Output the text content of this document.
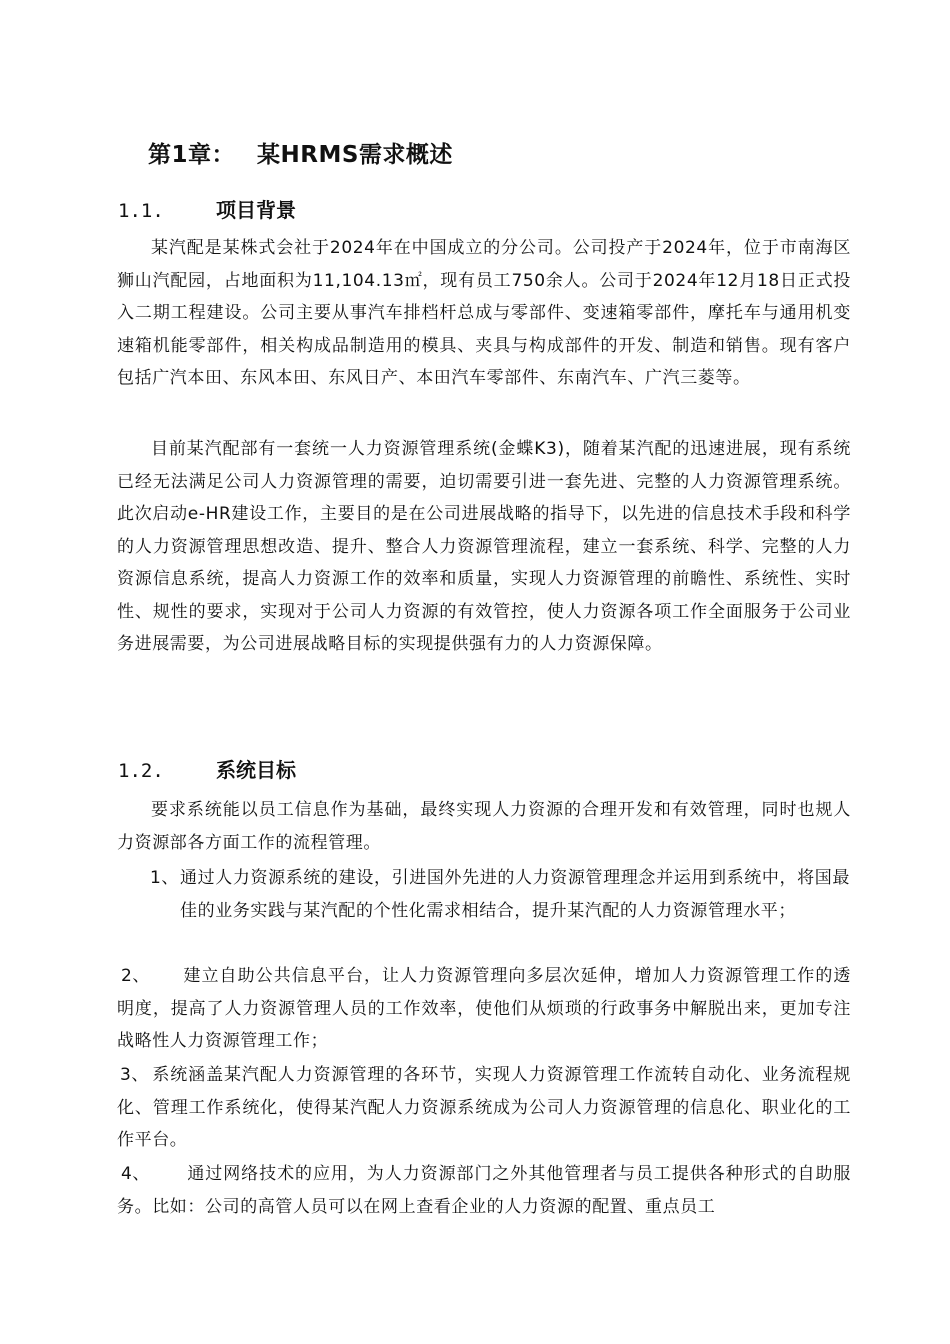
第1章： 某HRMS需求概述
1.1.	项目背景

某汽配是某株式会社于2024年在中国成立的分公司。公司投产于2024年，位于市南海区狮山汽配园，占地面积为11,104.13㎡，现有员工750余人。公司于2024年12月18日正式投入二期工程建设。公司主要从事汽车排档杆总成与零部件、变速箱零部件，摩托车与通用机变速箱机能零部件，相关构成品制造用的模具、夹具与构成部件的开发、制造和销售。现有客户包括广汽本田、东风本田、东风日产、本田汽车零部件、东南汽车、广汽三菱等。

目前某汽配部有一套统一人力资源管理系统(金蝶K3)，随着某汽配的迅速进展，现有系统已经无法满足公司人力资源管理的需要，迫切需要引进一套先进、完整的人力资源管理系统。此次启动e-HR建设工作，主要目的是在公司进展战略的指导下，以先进的信息技术手段和科学的人力资源管理思想改造、提升、整合人力资源管理流程，建立一套系统、科学、完整的人力资源信息系统，提高人力资源工作的效率和质量，实现人力资源管理的前瞻性、系统性、实时性、规性的要求，实现对于公司人力资源的有效管控，使人力资源各项工作全面服务于公司业务进展需要，为公司进展战略目标的实现提供强有力的人力资源保障。

1.2.	系统目标

要求系统能以员工信息作为基础，最终实现人力资源的合理开发和有效管理，同时也规人力资源部各方面工作的流程管理。

1、 通过人力资源系统的建设，引进国外先进的人力资源管理理念并运用到系统中，将国最佳的业务实践与某汽配的个性化需求相结合，提升某汽配的人力资源管理水平；
2、 建立自助公共信息平台，让人力资源管理向多层次延伸，增加人力资源管理工作的透明度，提高了人力资源管理人员的工作效率，使他们从烦琐的行政事务中解脱出来，更加专注战略性人力资源管理工作；
3、 系统涵盖某汽配人力资源管理的各环节，实现人力资源管理工作流转自动化、业务流程规化、管理工作系统化，使得某汽配人力资源系统成为公司人力资源管理的信息化、职业化的工作平台。
4、 通过网络技术的应用，为人力资源部门之外其他管理者与员工提供各种形式的自助服务。比如：公司的高管人员可以在网上查看企业的人力资源的配置、重点员工
